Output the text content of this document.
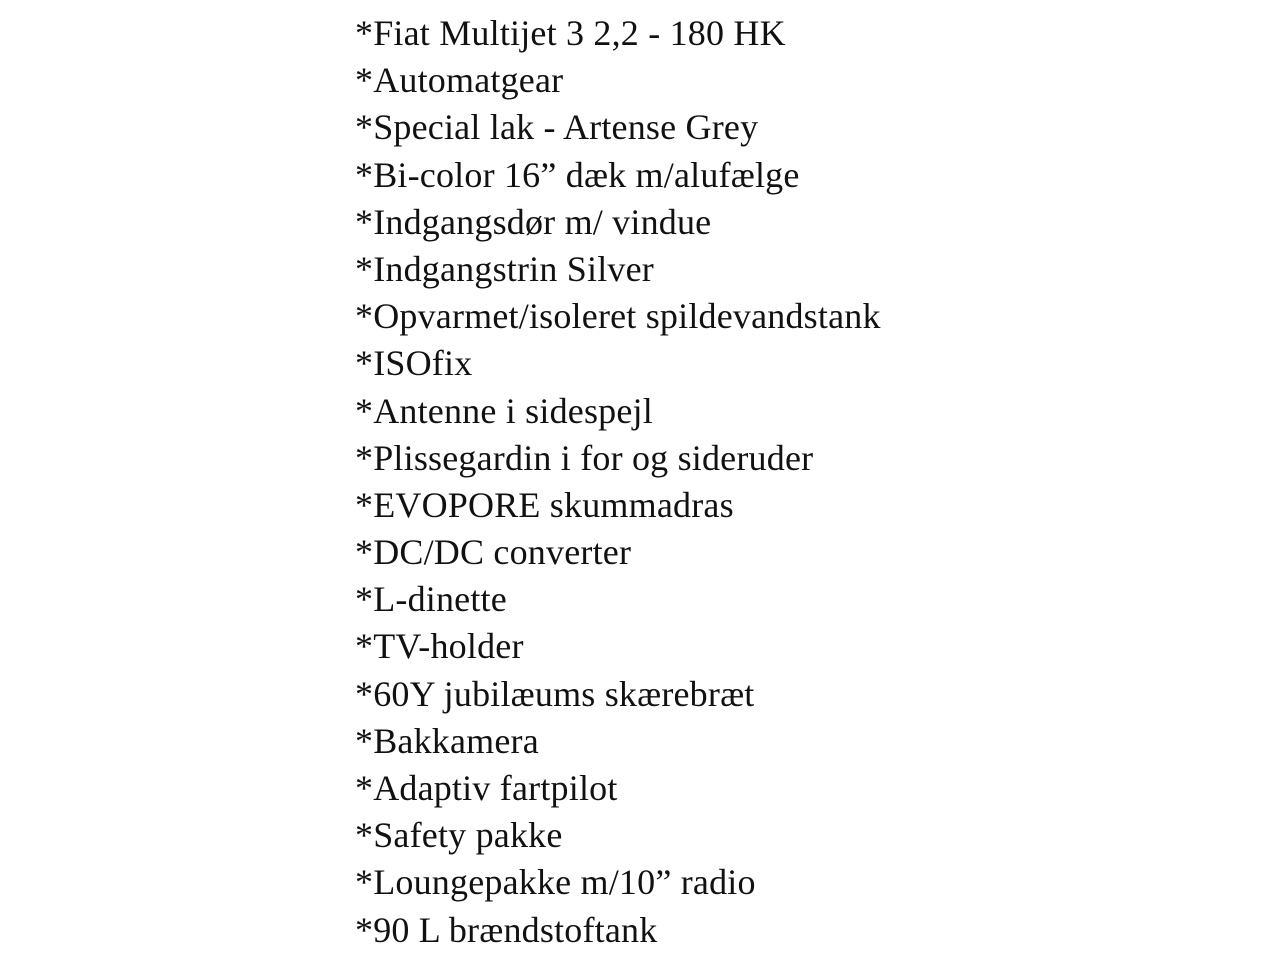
*Fiat Multijet 3 2,2 - 180 HK
*Automatgear
*Special lak - Artense Grey
*Bi-color 16” dæk m/alufælge
*Indgangsdør m/ vindue
*Indgangstrin Silver
*Opvarmet/isoleret spildevandstank
*ISOfix
*Antenne i sidespejl
*Plissegardin i for og sideruder
*EVOPORE skummadras
*DC/DC converter
*L-dinette
*TV-holder
*60Y jubilæums skærebræt
*Bakkamera
*Adaptiv fartpilot
*Safety pakke
*Loungepakke m/10” radio
*90 L brændstoftank
